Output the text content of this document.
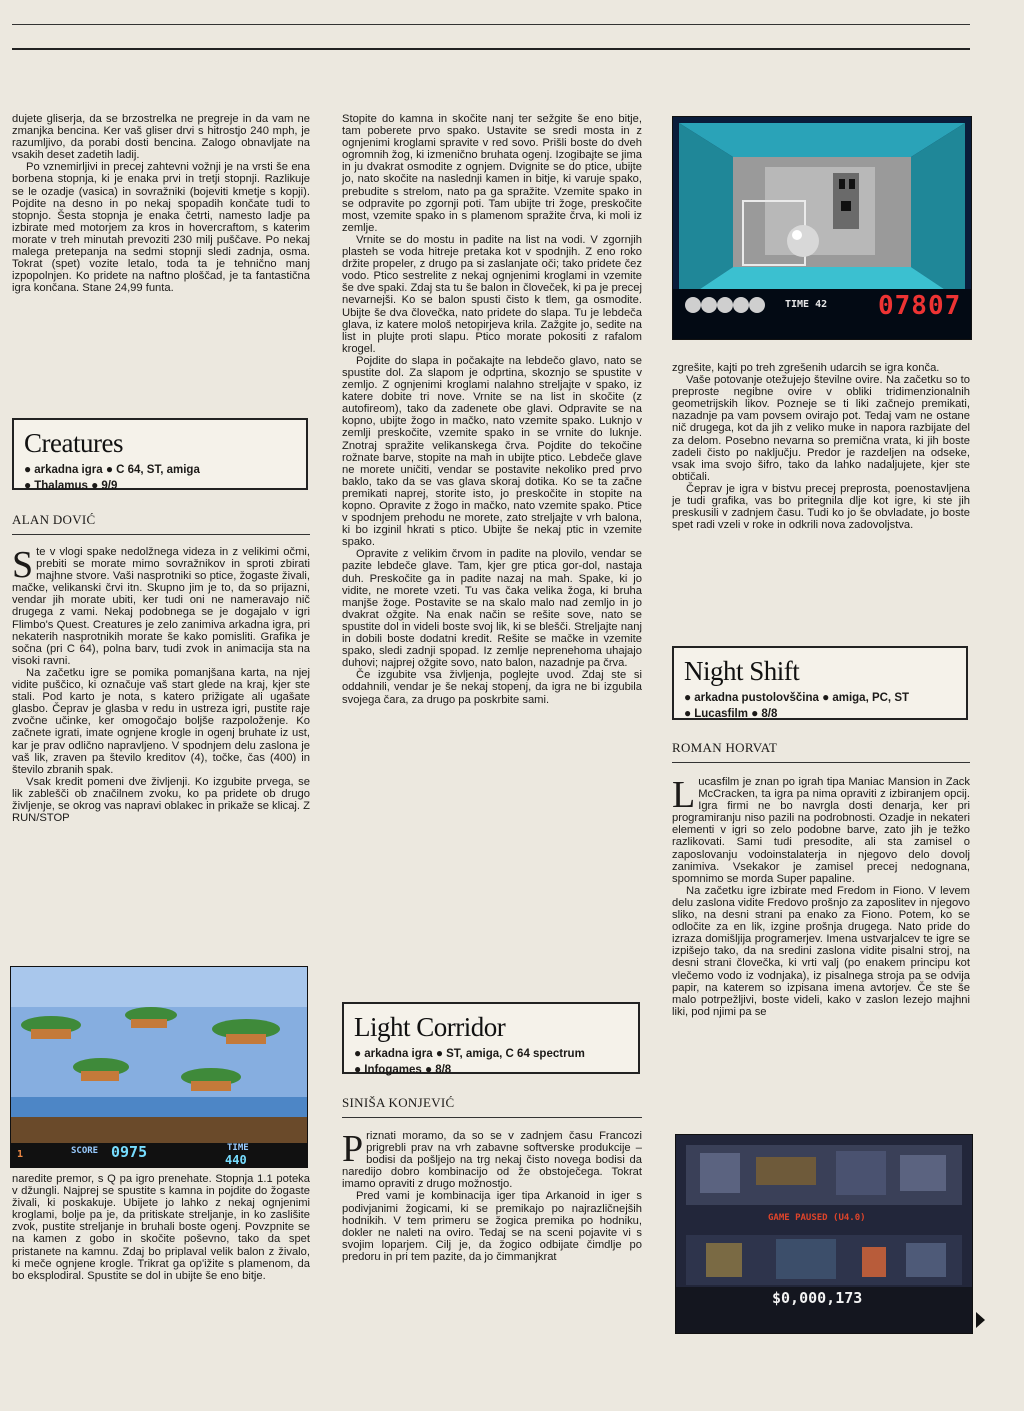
dujete gliserja, da se brzostrelka ne pregreje in da vam ne zmanjka bencina. Ker vaš gliser drvi s hitrostjo 240 mph, je razumljivo, da porabi dosti bencina. Zalogo obnavljate na vsakih deset zadetih ladij.

Po vznemirljivi in precej zahtevni vožnji je na vrsti še ena borbena stopnja, ki je enaka prvi in tretji stopnji. Razlikuje se le ozadje (vasica) in sovražniki (bojeviti kmetje s kopji). Pojdite na desno in po nekaj spopadih končate tudi to stopnjo. Šesta stopnja je enaka četrti, namesto ladje pa izbirate med motorjem za kros in hovercraftom, s katerim morate v treh minutah prevoziti 230 milj puščave. Po nekaj malega pretepanja na sedmi stopnji sledi zadnja, osma. Tokrat (spet) vozite letalo, toda ta je tehnično manj izpopolnjen. Ko pridete na naftno ploščad, je ta fantastična igra končana. Stane 24,99 funta.

Creatures
● arkadna igra ● C 64, ST, amiga
● Thalamus ● 9/9
ALAN DOVIĆ

Ste v vlogi spake nedolžnega videza in z velikimi očmi, prebiti se morate mimo sovražnikov in sproti zbirati majhne stvore. Vaši nasprotniki so ptice, žogaste živali, mačke, velikanski črvi itn. Skupno jim je to, da so prijazni, vendar jih morate ubiti, ker tudi oni ne nameravajo nič drugega z vami. Nekaj podobnega se je dogajalo v igri Flimbo's Quest. Creatures je zelo zanimiva arkadna igra, pri nekaterih nasprotnikih morate še kako pomisliti. Grafika je sočna (pri C 64), polna barv, tudi zvok in animacija sta na visoki ravni.

Na začetku igre se pomika pomanjšana karta, na njej vidite puščico, ki označuje vaš start glede na kraj, kjer ste stali. Pod karto je nota, s katero prižigate ali ugašate glasbo. Čeprav je glasba v redu in ustreza igri, pustite raje zvočne učinke, ker omogočajo boljše razpoloženje. Ko začnete igrati, imate ognjene krogle in ogenj bruhate iz ust, kar je prav odlično napravljeno. V spodnjem delu zaslona je vaš lik, zraven pa število kreditov (4), točke, čas (400) in število zbranih spak.

Vsak kredit pomeni dve življenji. Ko izgubite prvega, se lik zablešči ob značilnem zvoku, ko pa pridete ob drugo življenje, se okrog vas napravi oblakec in prikaže se klicaj. Z RUN/STOP

1	SCORE 0975	TIME
440

naredite premor, s Q pa igro prenehate. Stopnja 1.1 poteka v džungli. Najprej se spustite s kamna in pojdite do žogaste živali, ki poskakuje. Ubijete jo lahko z nekaj ognjenimi kroglami, bolje pa je, da pritiskate streljanje, in ko zaslišite zvok, pustite streljanje in bruhali boste ogenj. Povzpnite se na kamen z gobo in skočite poševno, tako da spet pristanete na kamnu. Zdaj bo priplaval velik balon z živalo, ki meče ognjene krogle. Trikrat ga op'ižite s plamenom, da bo eksplodiral. Spustite se dol in ubijte še eno bitje.

Stopite do kamna in skočite nanj ter sežgite še eno bitje, tam poberete prvo spako. Ustavite se sredi mosta in z ognjenimi kroglami spravite v red sovo. Prišli boste do dveh ogromnih žog, ki izmenično bruhata ogenj. Izogibajte se jima in ju dvakrat osmodite z ognjem. Dvignite se do ptice, ubijte jo, nato skočite na naslednji kamen in bitje, ki varuje spako, prebudite s strelom, nato pa ga spražite. Vzemite spako in se odpravite po zgornji poti. Tam ubijte tri žoge, preskočite most, vzemite spako in s plamenom spražite črva, ki moli iz zemlje.

Vrnite se do mostu in padite na list na vodi. V zgornjih plasteh se voda hitreje pretaka kot v spodnjih. Z eno roko držite propeler, z drugo pa si zaslanjate oči; tako pridete čez vodo. Ptico sestrelite z nekaj ognjenimi kroglami in vzemite še dve spaki. Zdaj sta tu še balon in človeček, ki pa je precej nevarnejši. Ko se balon spusti čisto k tlem, ga osmodite. Ubijte še dva človečka, nato pridete do slapa. Tu je lebdeča glava, iz katere mološ netopirjeva krila. Zažgite jo, sedite na list in plujte proti slapu. Ptico morate pokositi z rafalom krogel.

Pojdite do slapa in počakajte na lebdečo glavo, nato se spustite dol. Za slapom je odprtina, skoznjo se spustite v zemljo. Z ognjenimi kroglami nalahno streljajte v spako, iz katere dobite tri nove. Vrnite se na list in skočite (z autofireom), tako da zadenete obe glavi. Odpravite se na kopno, ubijte žogo in mačko, nato vzemite spako. Luknjo v zemlji preskočite, vzemite spako in se vrnite do luknje. Znotraj spražite velikanskega črva. Pojdite do tekočine rožnate barve, stopite na mah in ubijte ptico. Lebdeče glave ne morete uničiti, vendar se postavite nekoliko pred prvo baklo, tako da se vas glava skoraj dotika. Ko se ta začne premikati naprej, storite isto, jo preskočite in stopite na kopno. Opravite z žogo in mačko, nato vzemite spako. Ptice v spodnjem prehodu ne morete, zato streljajte v vrh balona, ki bo izginil hkrati s ptico. Ubijte še nekaj ptic in vzemite spako.

Opravite z velikim črvom in padite na plovilo, vendar se pazite lebdeče glave. Tam, kjer gre ptica gor-dol, nastaja duh. Preskočite ga in padite nazaj na mah. Spake, ki jo vidite, ne morete vzeti. Tu vas čaka velika žoga, ki bruha manjše žoge. Postavite se na skalo malo nad zemljo in jo dvakrat ožgite. Na enak način se rešite sove, nato se spustite dol in videli boste svoj lik, ki se blešči. Streljajte nanj in dobili boste dodatni kredit. Rešite se mačke in vzemite spako, sledi zadnji spopad. Iz zemlje neprenehoma uhajajo duhovi; najprej ožgite sovo, nato balon, nazadnje pa črva.

Če izgubite vsa življenja, poglejte uvod. Zdaj ste si oddahnili, vendar je še nekaj stopenj, da igra ne bi izgubila svojega čara, za drugo pa poskrbite sami.

Light Corridor
● arkadna igra ● ST, amiga, C 64 spectrum
● Infogames ● 8/8
SINIŠA KONJEVIĆ

Priznati moramo, da so se v zadnjem času Francozi prigrebli prav na vrh zabavne softverske produkcije – bodisi da pošljejo na trg nekaj čisto novega bodisi da naredijo dobro kombinacijo od že obstoječega. Tokrat imamo opraviti z drugo možnostjo.

Pred vami je kombinacija iger tipa Arkanoid in iger s podivjanimi žogicami, ki se premikajo po najrazličnejših hodnikih. V tem primeru se žogica premika po hodniku, dokler ne naleti na oviro. Tedaj se na sceni pojavite vi s svojim loparjem. Cilj je, da žogico odbijate čimdlje po predoru in pri tem pazite, da jo čimmanjkrat

TIME 42 07807

zgrešite, kajti po treh zgrešenih udarcih se igra konča.

Vaše potovanje otežujejo številne ovire. Na začetku so to preproste negibne ovire v obliki tridimenzionalnih geometrijskih likov. Pozneje se ti liki začnejo premikati, nazadnje pa vam povsem ovirajo pot. Tedaj vam ne ostane nič drugega, kot da jih z veliko muke in napora razbijate del za delom. Posebno nevarna so premična vrata, ki jih boste zadeli čisto po naključju. Predor je razdeljen na odseke, vsak ima svojo šifro, tako da lahko nadaljujete, kjer ste obtičali.

Čeprav je igra v bistvu precej preprosta, poenostavljena je tudi grafika, vas bo pritegnila dlje kot igre, ki ste jih preskusili v zadnjem času. Tudi ko jo še obvladate, jo boste spet radi vzeli v roke in odkrili nova zadovoljstva.

Night Shift
● arkadna pustolovščina ● amiga, PC, ST
● Lucasfilm ● 8/8
ROMAN HORVAT

Lucasfilm je znan po igrah tipa Maniac Mansion in Zack McCracken, ta igra pa nima opraviti z izbiranjem opcij. Igra firmi ne bo navrgla dosti denarja, ker pri programiranju niso pazili na podrobnosti. Ozadje in nekateri elementi v igri so zelo podobne barve, zato jih je težko razlikovati. Sami tudi presodite, ali sta zamisel o zaposlovanju vodoinstalaterja in njegovo delo dovolj zanimiva. Vsekakor je zamisel precej nedognana, spomnimo se morda Super papaline.

Na začetku igre izbirate med Fredom in Fiono. V levem delu zaslona vidite Fredovo prošnjo za zaposlitev in njegovo sliko, na desni strani pa enako za Fiono. Potem, ko se odločite za en lik, izgine prošnja drugega. Nato pride do izraza domišljija programerjev. Imena ustvarjalcev te igre se izpišejo tako, da na sredini zaslona vidite pisalni stroj, na desni strani človečka, ki vrti valj (po enakem principu kot vlečemo vodo iz vodnjaka), iz pisalnega stroja pa se odvija papir, na katerem so izpisana imena avtorjev. Če ste še malo potrpežljivi, boste videli, kako v zaslon lezejo majhni liki, pod njimi pa se

GAME PAUSED (U4.0)
$0,000,173
